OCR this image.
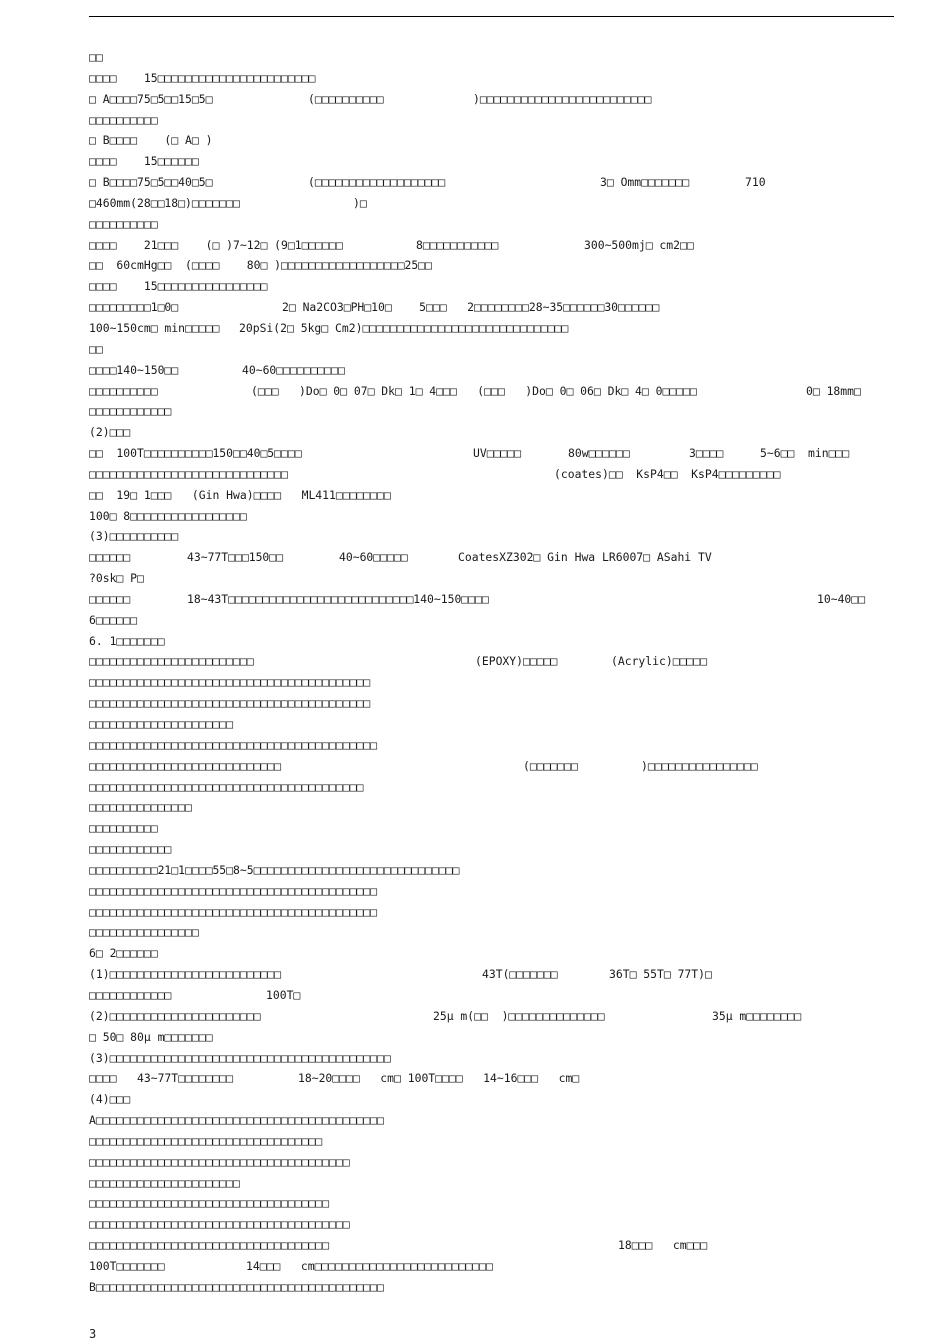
□□
□□□□    15□□□□□□□□□□□□□□□□□□□□□□□
□ A□□□□75□5□□15□5□	(□□□□□□□□□□	)□□□□□□□□□□□□□□□□□□□□□□□□□
□□□□□□□□□□
□ B□□□□    (□ A□ )
□□□□    15□□□□□□
□ B□□□□75□5□□40□5□	(□□□□□□□□□□□□□□□□□□□	3□ Omm□□□□□□□	710
□460mm(28□□18□)□□□□□□□	)□
□□□□□□□□□□
□□□□    21□□□    (□ )7~12□ (9□1□□□□□□	8□□□□□□□□□□□	300~500mj□ cm2□□
□□  60cmHg□□  (□□□□    80□ )□□□□□□□□□□□□□□□□□□25□□
□□□□    15□□□□□□□□□□□□□□□□
□□□□□□□□□1□0□	2□ Na2CO3□PH□10□    5□□□   2□□□□□□□□28~35□□□□□□30□□□□□□
100~150cm□ min□□□□□ 20pSi(2□ 5kg□ Cm2)□□□□□□□□□□□□□□□□□□□□□□□□□□□□□□
□□
□□□□140~150□□	40~60□□□□□□□□□□
□□□□□□□□□□	(□□□   )Do□ 0□ 07□ Dk□ 1□ 4□□□   (□□□   )Do□ 0□ 06□ Dk□ 4□ 0□□□□□	0□ 18mm□
□□□□□□□□□□□□
(2)□□□
□□  100T□□□□□□□□□□150□□40□5□□□□	UV□□□□□	80w□□□□□□	3□□□□	5~6□□  min□□□
□□□□□□□□□□□□□□□□□□□□□□□□□□□□□	(coates)□□  KsP4□□  KsP4□□□□□□□□□
□□  19□ 1□□□   (Gin Hwa)□□□□   ML411□□□□□□□□
100□ 8□□□□□□□□□□□□□□□□□
(3)□□□□□□□□□□
□□□□□□	43~77T□□□150□□	40~60□□□□□	CoatesXZ302□ Gin Hwa LR6007□ ASahi TV
?0sk□ P□
□□□□□□	18~43T□□□□□□□□□□□□□□□□□□□□□□□□□□□140~150□□□□	10~40□□
6□□□□□□
6. 1□□□□□□□
□□□□□□□□□□□□□□□□□□□□□□□□	(EPOXY)□□□□□	(Acrylic)□□□□□
□□□□□□□□□□□□□□□□□□□□□□□□□□□□□□□□□□□□□□□□□
□□□□□□□□□□□□□□□□□□□□□□□□□□□□□□□□□□□□□□□□□
□□□□□□□□□□□□□□□□□□□□□
□□□□□□□□□□□□□□□□□□□□□□□□□□□□□□□□□□□□□□□□□□
□□□□□□□□□□□□□□□□□□□□□□□□□□□□	(□□□□□□□	)□□□□□□□□□□□□□□□□
□□□□□□□□□□□□□□□□□□□□□□□□□□□□□□□□□□□□□□□□
□□□□□□□□□□□□□□□
□□□□□□□□□□
□□□□□□□□□□□□
□□□□□□□□□□21□1□□□□55□8~5□□□□□□□□□□□□□□□□□□□□□□□□□□□□□□
□□□□□□□□□□□□□□□□□□□□□□□□□□□□□□□□□□□□□□□□□□
□□□□□□□□□□□□□□□□□□□□□□□□□□□□□□□□□□□□□□□□□□
□□□□□□□□□□□□□□□□
6□ 2□□□□□□
(1)□□□□□□□□□□□□□□□□□□□□□□□□□	43T(□□□□□□□	36T□ 55T□ 77T)□
□□□□□□□□□□□□	100T□
(2)□□□□□□□□□□□□□□□□□□□□□□	25μ m(□□  )□□□□□□□□□□□□□□	35μ m□□□□□□□□
□ 50□ 80μ m□□□□□□□
(3)□□□□□□□□□□□□□□□□□□□□□□□□□□□□□□□□□□□□□□□□□
□□□□   43~77T□□□□□□□□	18~20□□□□   cm□ 100T□□□□   14~16□□□   cm□
(4)□□□
A□□□□□□□□□□□□□□□□□□□□□□□□□□□□□□□□□□□□□□□□□□
□□□□□□□□□□□□□□□□□□□□□□□□□□□□□□□□□□
□□□□□□□□□□□□□□□□□□□□□□□□□□□□□□□□□□□□□□
□□□□□□□□□□□□□□□□□□□□□□
□□□□□□□□□□□□□□□□□□□□□□□□□□□□□□□□□□□
□□□□□□□□□□□□□□□□□□□□□□□□□□□□□□□□□□□□□□
□□□□□□□□□□□□□□□□□□□□□□□□□□□□□□□□□□□	18□□□   cm□□□
100T□□□□□□□	14□□□   cm□□□□□□□□□□□□□□□□□□□□□□□□□□
B□□□□□□□□□□□□□□□□□□□□□□□□□□□□□□□□□□□□□□□□□□
3
